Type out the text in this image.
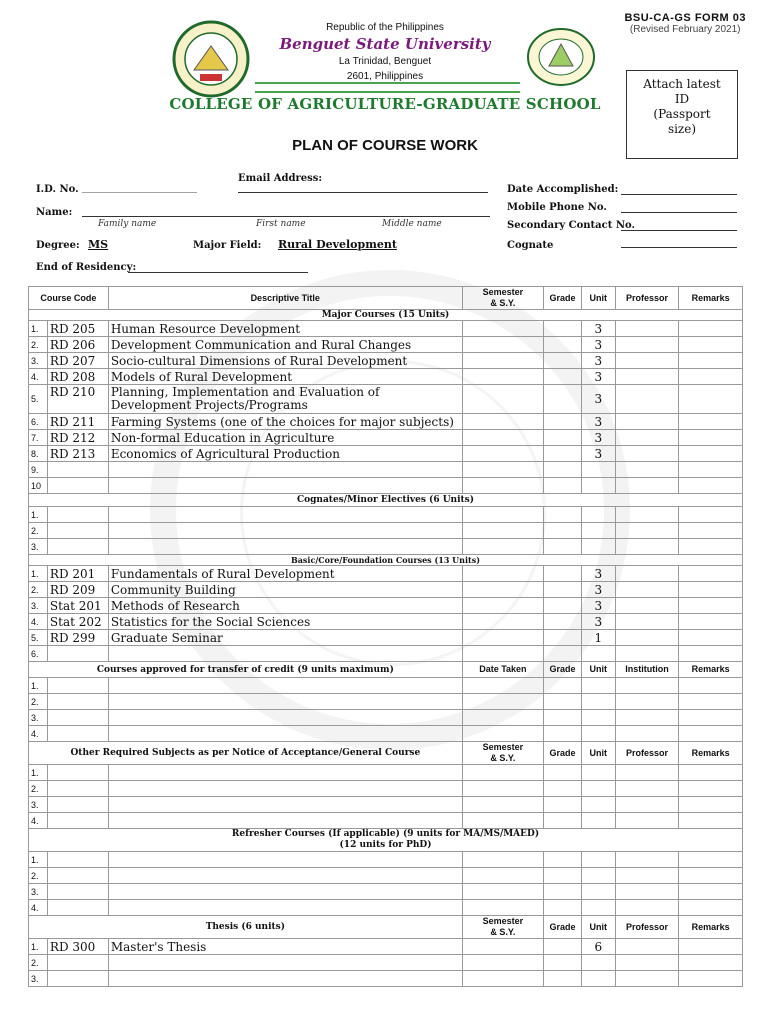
BSU-CA-GS FORM 03
(Revised February 2021)
Republic of the Philippines
Benguet State University
La Trinidad, Benguet
2601, Philippines
COLLEGE OF AGRICULTURE-GRADUATE SCHOOL
PLAN OF COURSE WORK
Attach latest
ID
(Passport
size)
Email Address:
I.D. No. _______________________
Name:
Family name	First name	Middle name
Degree: MS	Major Field: Rural Development
End of Residency:
Date Accomplished:
Mobile Phone No.
Secondary Contact No.
Cognate
Course Code		Descriptive Title	Semester
& S.Y.	Grade	Unit	Professor	Remarks
Major Courses (15 Units)							
1.	RD 205	Human Resource Development			3		
2.	RD 206	Development Communication and Rural Changes			3		
3.	RD 207	Socio-cultural Dimensions of Rural Development			3		
4.	RD 208	Models of Rural Development			3		
5.	RD 210	Planning, Implementation and Evaluation of Development Projects/Programs			3		
6.	RD 211	Farming Systems (one of the choices for major subjects)			3		
7.	RD 212	Non-formal Education in Agriculture			3		
8.	RD 213	Economics of Agricultural Production			3		
9.							
10							
Cognates/Minor Electives (6 Units)							
1.							
2.							
3.							
Basic/Core/Foundation Courses (13 Units)							
1.	RD 201	Fundamentals of Rural Development			3		
2.	RD 209	Community Building			3		
3.	Stat 201	Methods of Research			3		
4.	Stat 202	Statistics for the Social Sciences			3		
5.	RD 299	Graduate Seminar			1		
6.							
Courses approved for transfer of credit (9 units maximum)			Date Taken	Grade	Unit	Institution	Remarks
1.							
2.							
3.							
4.							
Other Required Subjects as per Notice of Acceptance/General Course			Semester
& S.Y.	Grade	Unit	Professor	Remarks
1.							
2.							
3.							
4.							
Refresher Courses (If applicable) (9 units for MA/MS/MAED)
(12 units for PhD)							
1.							
2.							
3.							
4.							
Thesis (6 units)			Semester
& S.Y.	Grade	Unit	Professor	Remarks
1.	RD 300	Master's Thesis			6		
2.							
3.							
